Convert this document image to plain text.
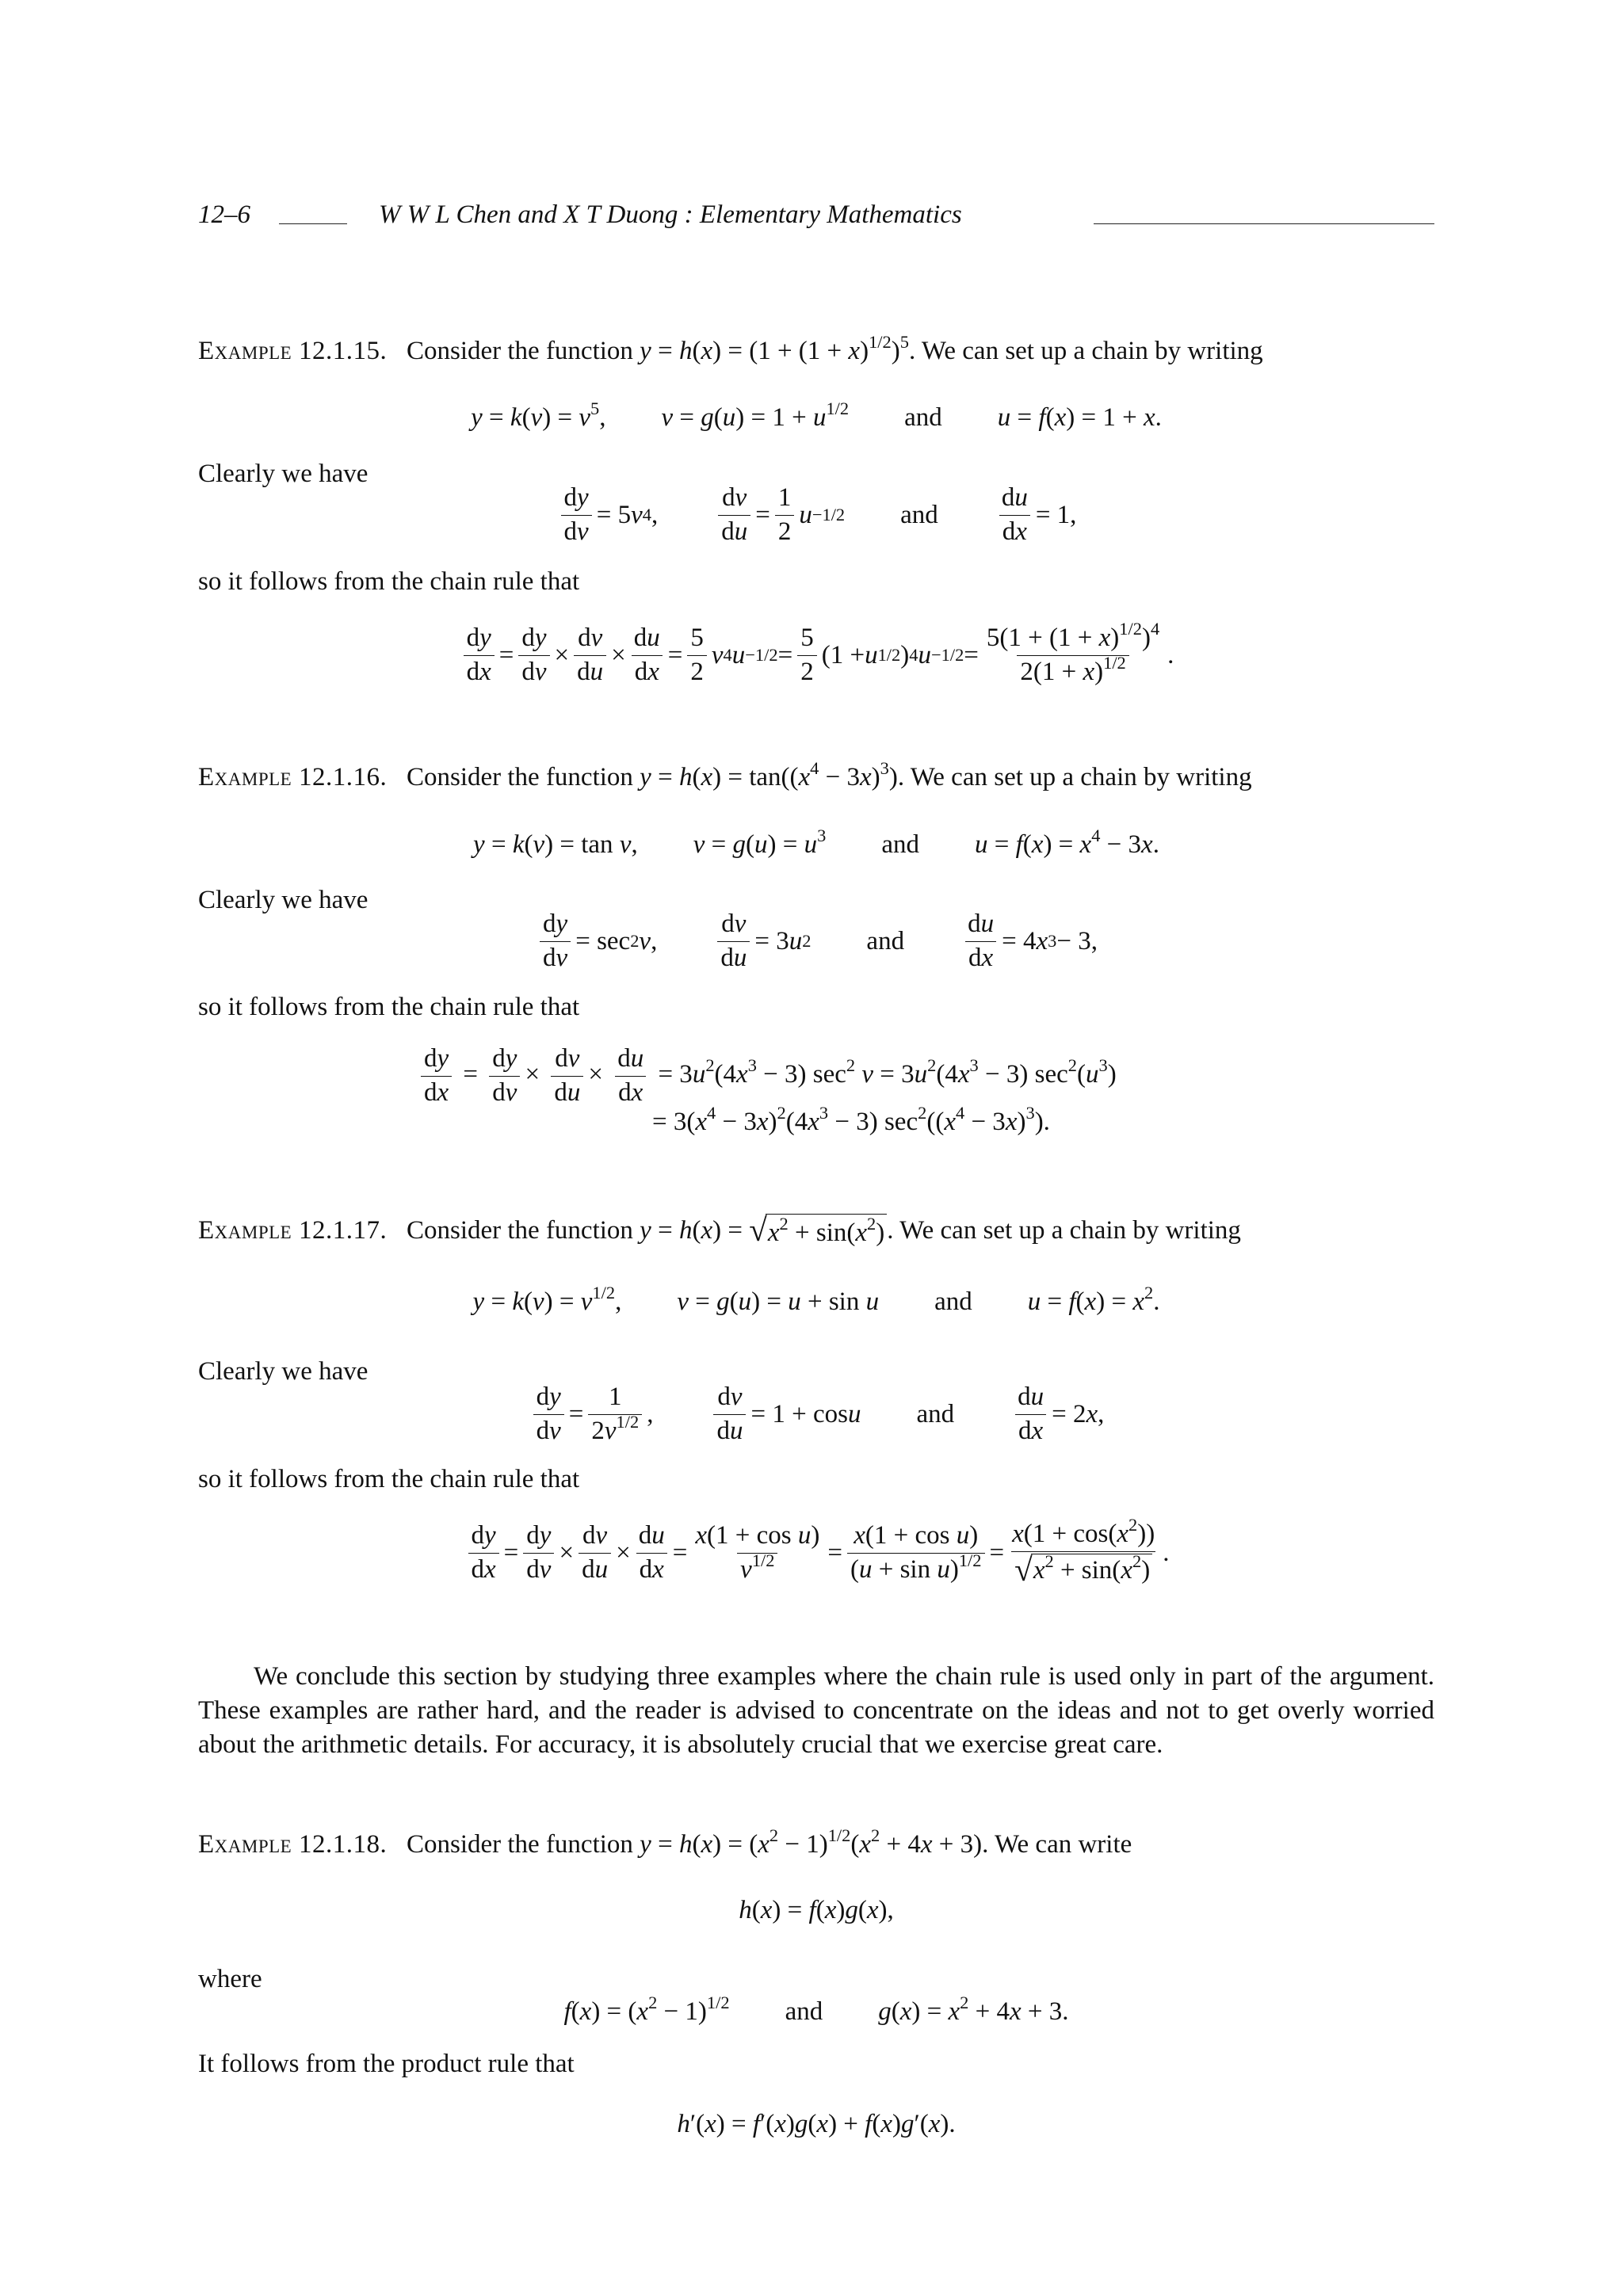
12–6	W W L Chen and X T Duong : Elementary Mathematics
Example 12.1.15.   Consider the function $y = h(x) = (1 + (1 + x)^{1/2})^5$. We can set up a chain by writing
$y = k(v) = v^5$, $v = g(u) = 1 + u^{1/2}$ and u = f(x) = 1 + x.
Clearly we have
$\frac{dy}{dv} = 5$ v 4 , $\frac{dv}{du} = \frac{1}{2}$ u −1/2 and $\frac{du}{dx} = 1$,
so it follows from the chain rule that
$\frac{dy}{dx} = \frac{dy}{dv} \times \frac{dv}{du} \times \frac{du}{dx} = \frac{5}{2}$ v 4 $u -1/2 = \frac{5}{2} (1 + u$ 1/2 ) 4 $u -1/2 = \frac{5(1 + (1 + x)^{1/2})^4}{2(1 + x)^{1/2}}$ .
Example 12.1.16.   Consider the function $y = h(x) = \tan((x^4 - 3x)^3)$. We can set up a chain by writing
y = k(v) = tan v, $v = g(u) = u^3$ and $u = f(x) = x^4 - 3x$.
Clearly we have
$\frac{dy}{dv} = \sec 2$ v , $\frac{dv}{du} = 3$ u 2 and $\frac{du}{dx} = 4$ x 3 − 3,
so it follows from the chain rule that
$\frac{dy}{dx} = \frac{dy}{dv} \times \frac{dv}{du} \times \frac{du}{dx} = 3u^2(4x^3 - 3)$ $\sec^2 v = 3u^2(4x^3 - 3)$ $\sec^2(u^3)$
= $3(x^4 - 3x)^2(4x^3 - 3) \sec^2((x^4 - 3x)^3)$.
Example 12.1.17.   Consider the function y = h(x) = √ $x^2 + \sin(x^2)$ . We can set up a chain by writing
$y = k(v) = v^{1/2}$, v = g(u) = u + sin u and $u = f(x) = x^2$.
Clearly we have
$\frac{dy}{dv} = \frac{1}{2v^{1/2}}$ , $\frac{dv}{du} = 1 + \cos u$ and $\frac{du}{dx} = 2$ x ,
so it follows from the chain rule that
$\frac{dy}{dx} = \frac{dy}{dv} \times \frac{dv}{du} \times \frac{du}{dx} = \frac{\text{x(1 + cos u)}}{v^{1/2}} = \frac{\text{x(1 + cos u)}}{(u + \sin u)^{1/2}} = \frac{x(1 + \cos(x^2))}{√ x^2 + \sin(x^2)}$ .
We conclude this section by studying three examples where the chain rule is used only in part of the argument. These examples are rather hard, and the reader is advised to concentrate on the ideas and not to get overly worried about the arithmetic details. For accuracy, it is absolutely crucial that we exercise great care.
Example 12.1.18.   Consider the function $y = h(x) = (x^2 - 1)^{1/2}(x^2 + 4x + 3)$. We can write
h(x) = f(x)g(x),
where
$f(x) = (x^2 - 1)^{1/2}$ and $g(x) = x^2 + 4x + 3$.
It follows from the product rule that
h′(x) = f′(x)g(x) + f(x)g′(x).
